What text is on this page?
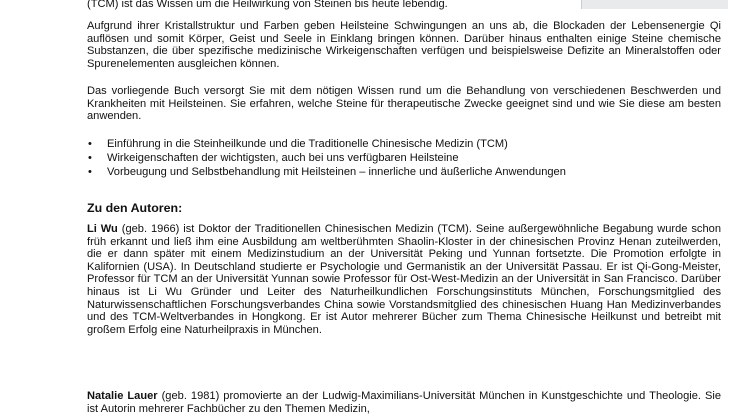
(TCM) ist das Wissen um die Heilwirkung von Steinen bis heute lebendig.

Aufgrund ihrer Kristallstruktur und Farben geben Heilsteine Schwingungen an uns ab, die Blockaden der Lebensenergie Qi auflösen und somit Körper, Geist und Seele in Einklang bringen können. Darüber hinaus enthalten einige Steine chemische Substanzen, die über spezifische medizinische Wirkeigenschaften verfügen und beispielsweise Defizite an Mineralstoffen oder Spurenelementen ausgleichen können.

Das vorliegende Buch versorgt Sie mit dem nötigen Wissen rund um die Behandlung von verschiedenen Beschwerden und Krankheiten mit Heilsteinen. Sie erfahren, welche Steine für therapeutische Zwecke geeignet sind und wie Sie diese am besten anwenden.

• Einführung in die Steinheilkunde und die Traditionelle Chinesische Medizin (TCM)
• Wirkeigenschaften der wichtigsten, auch bei uns verfügbaren Heilsteine
• Vorbeugung und Selbstbehandlung mit Heilsteinen – innerliche und äußerliche Anwendungen
Zu den Autoren:

Li Wu (geb. 1966) ist Doktor der Traditionellen Chinesischen Medizin (TCM). Seine außergewöhnliche Begabung wurde schon früh erkannt und ließ ihm eine Ausbildung am weltberühmten Shaolin-Kloster in der chinesischen Provinz Henan zuteilwerden, die er dann später mit einem Medizinstudium an der Universität Peking und Yunnan fortsetzte. Die Promotion erfolgte in Kalifornien (USA). In Deutschland studierte er Psychologie und Germanistik an der Universität Passau. Er ist Qi-Gong-Meister, Professor für TCM an der Universität Yunnan sowie Professor für Ost-West-Medizin an der Universität in San Francisco. Darüber hinaus ist Li Wu Gründer und Leiter des Naturheilkundlichen Forschungsinstituts München, Forschungsmitglied des Naturwissenschaftlichen Forschungsverbandes China sowie Vorstandsmitglied des chinesischen Huang Han Medizinverbandes und des TCM-Weltverbandes in Hongkong. Er ist Autor mehrerer Bücher zum Thema Chinesische Heilkunst und betreibt mit großem Erfolg eine Naturheilpraxis in München.

Natalie Lauer (geb. 1981) promovierte an der Ludwig-Maximilians-Universität München in Kunstgeschichte und Theologie. Sie ist Autorin mehrerer Fachbücher zu den Themen Medizin,
